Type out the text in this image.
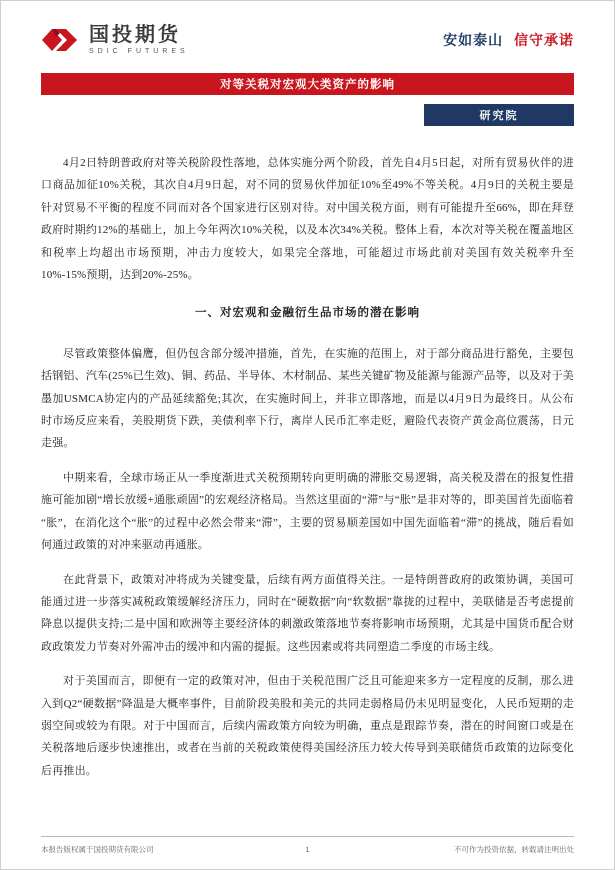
国投期货
SDIC FUTURES
安如泰山 信守承诺
对等关税对宏观大类资产的影响
研究院

4月2日特朗普政府对等关税阶段性落地，总体实施分两个阶段，首先自4月5日起，对所有贸易伙伴的进口商品加征10%关税，其次自4月9日起，对不同的贸易伙伴加征10%至49%不等关税。4月9日的关税主要是针对贸易不平衡的程度不同而对各个国家进行区别对待。对中国关税方面，则有可能提升至66%，即在拜登政府时期约12%的基础上，加上今年两次10%关税，以及本次34%关税。整体上看，本次对等关税在覆盖地区和税率上均超出市场预期，冲击力度较大，如果完全落地，可能超过市场此前对美国有效关税率升至10%-15%预期，达到20%-25%。

一、对宏观和金融衍生品市场的潜在影响

尽管政策整体偏鹰，但仍包含部分缓冲措施，首先，在实施的范围上，对于部分商品进行豁免，主要包括钢铝、汽车(25%已生效)、铜、药品、半导体、木材制品、某些关键矿物及能源与能源产品等，以及对于美墨加USMCA协定内的产品延续豁免;其次，在实施时间上，并非立即落地，而是以4月9日为最终日。从公布时市场反应来看，美股期货下跌，美债利率下行，离岸人民币汇率走贬，避险代表资产黄金高位震荡，日元走强。

中期来看，全球市场正从一季度渐进式关税预期转向更明确的滞胀交易逻辑，高关税及潜在的报复性措施可能加剧“增长放缓+通胀顽固”的宏观经济格局。当然这里面的“滞”与“胀”是非对等的，即美国首先面临着“胀”，在消化这个“胀”的过程中必然会带来“滞”，主要的贸易顺差国如中国先面临着“滞”的挑战，随后看如何通过政策的对冲来驱动再通胀。

在此背景下，政策对冲将成为关键变量，后续有两方面值得关注。一是特朗普政府的政策协调，美国可能通过进一步落实减税政策缓解经济压力，同时在“硬数据”向“软数据”靠拢的过程中，美联储是否考虑提前降息以提供支持;二是中国和欧洲等主要经济体的刺激政策落地节奏将影响市场预期，尤其是中国货币配合财政政策发力节奏对外需冲击的缓冲和内需的提振。这些因素或将共同塑造二季度的市场主线。

对于美国而言，即便有一定的政策对冲，但由于关税范围广泛且可能迎来多方一定程度的反制，那么进入到Q2“硬数据”降温是大概率事件，目前阶段美股和美元的共同走弱格局仍未见明显变化，人民币短期的走弱空间或较为有限。对于中国而言，后续内需政策方向较为明确，重点是跟踪节奏，潜在的时间窗口或是在关税落地后逐步快速推出，或者在当前的关税政策使得美国经济压力较大传导到美联储货币政策的边际变化后再推出。

本报告版权属于国投期货有限公司	1	不可作为投资依据，转载请注明出处
